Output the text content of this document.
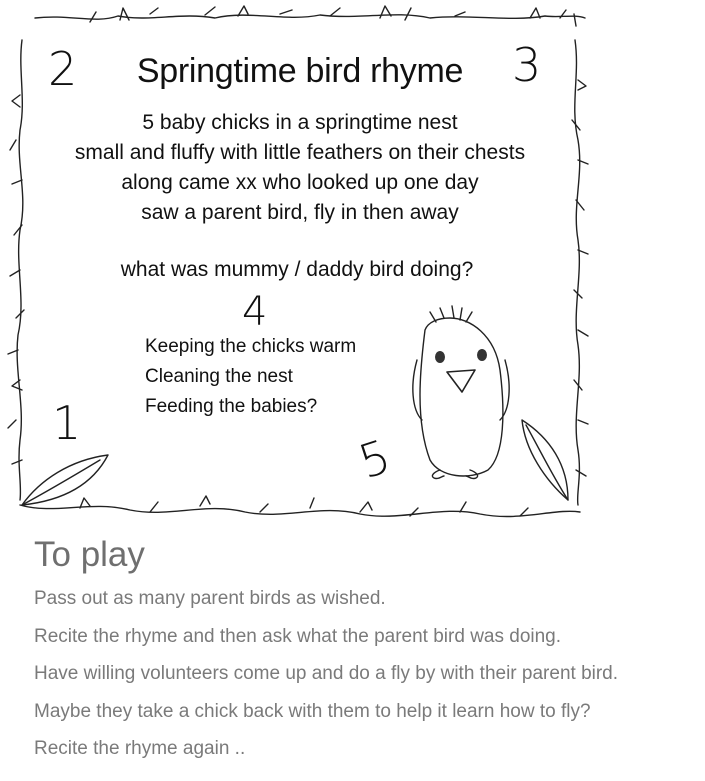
Springtime bird rhyme
2	3
4
1
5
5 baby chicks in a springtime nest
small and fluffy with little feathers on their chests
along came xx who looked up one day
saw a parent bird, fly in then away
what was mummy / daddy bird doing?
Keeping the chicks warm
Cleaning the nest
Feeding the babies?
To play
Pass out as many parent birds as wished.
Recite the rhyme and then ask what the parent bird was doing.
Have willing volunteers come up and do a fly by with their parent bird.
Maybe they take a chick back with them to help it learn how to fly?
Recite the rhyme again ..
